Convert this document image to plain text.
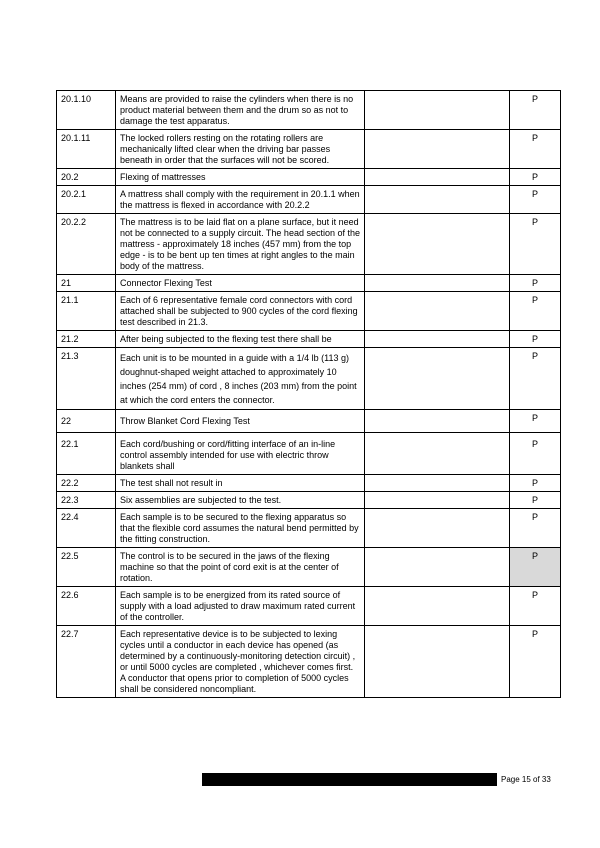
20.1.10	Means are provided to raise the cylinders when there is no product material between them and the drum so as not to damage the test apparatus.		P
20.1.11	The locked rollers resting on the rotating rollers are mechanically lifted clear when the driving bar passes beneath in order that the surfaces will not be scored.		P
20.2	Flexing of mattresses		P
20.2.1	A mattress shall comply with the requirement in 20.1.1 when the mattress is flexed in accordance with 20.2.2		P
20.2.2	The mattress is to be laid flat on a plane surface, but it need not be connected to a supply circuit. The head section of the mattress - approximately 18 inches (457 mm) from the top edge - is to be bent up ten times at right angles to the main body of the mattress.		P
21	Connector Flexing Test		P
21.1	Each of 6 representative female cord connectors with cord attached shall be subjected to 900 cycles of the cord flexing test described in 21.3.		P
21.2	After being subjected to the flexing test there shall be		P
21.3	Each unit is to be mounted in a guide with a 1/4 lb (113 g) doughnut-shaped weight attached to approximately 10 inches (254 mm) of cord , 8 inches (203 mm) from the point at which the cord enters the connector.		P
22	Throw Blanket Cord Flexing Test		P
22.1	Each cord/bushing or cord/fitting interface of an in-line control assembly intended for use with electric throw blankets shall		P
22.2	The test shall not result in		P
22.3	Six assemblies are subjected to the test.		P
22.4	Each sample is to be secured to the flexing apparatus so that the flexible cord assumes the natural bend permitted by the fitting construction.		P
22.5	The control is to be secured in the jaws of the flexing machine so that the point of cord exit is at the center of rotation.		P
22.6	Each sample is to be energized from its rated source of supply with a load adjusted to draw maximum rated current of the controller.		P
22.7	Each representative device is to be subjected to lexing cycles until a conductor in each device has opened (as determined by a continuously-monitoring detection circuit) , or until 5000 cycles are completed , whichever comes first. A conductor that opens prior to completion of 5000 cycles shall be considered noncompliant.		P
Page 15 of 33
